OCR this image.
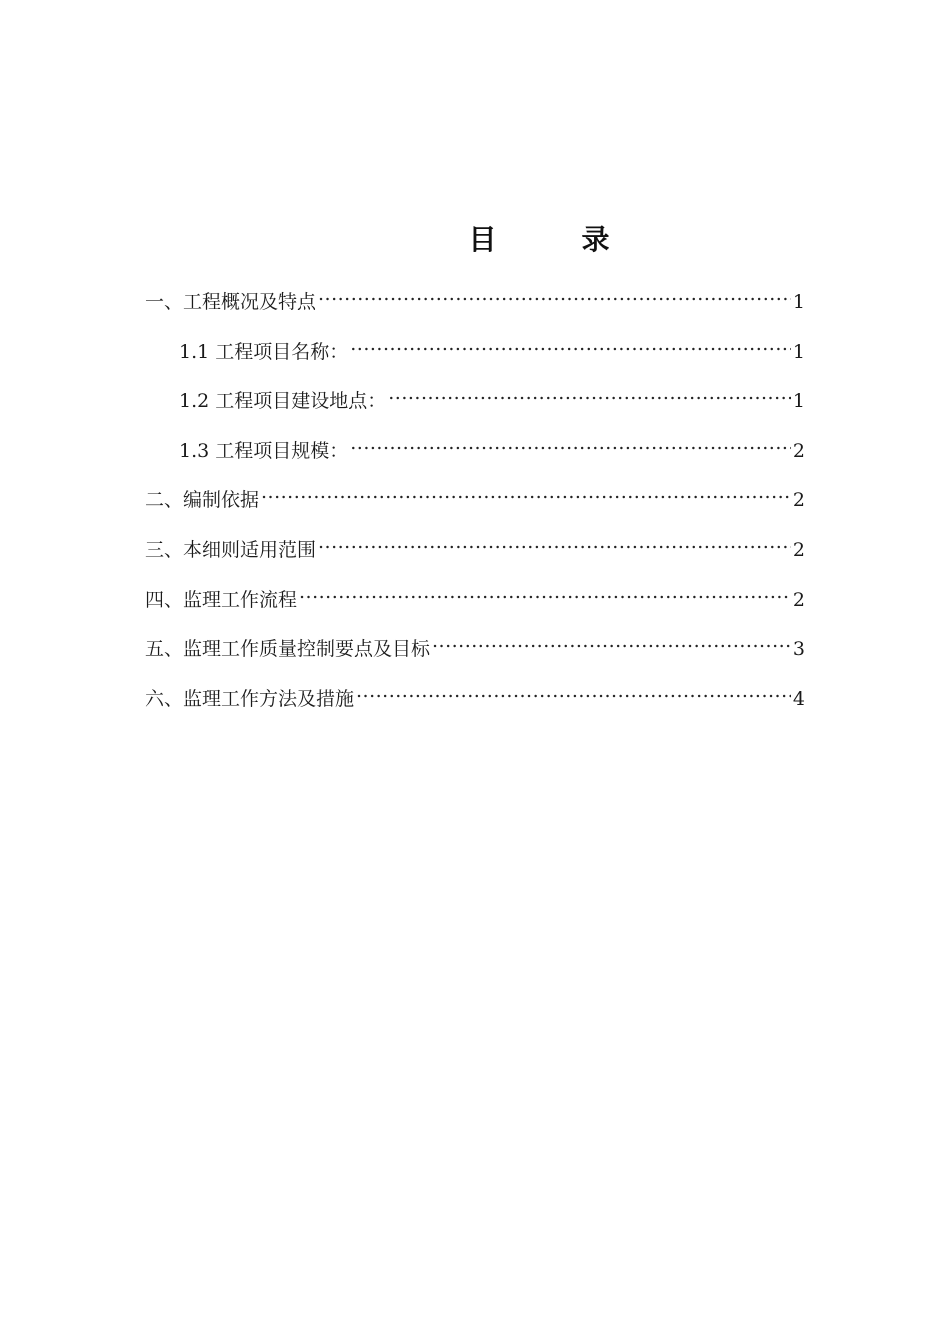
目	录
一、工程概况及特点 .....	1
1.1 工程项目名称： .....	1
1.2 工程项目建设地点： .....	1
1.3 工程项目规模： .....	2
二、编制依据 .....	2
三、本细则适用范围 .....	2
四、监理工作流程 .....	2
五、监理工作质量控制要点及目标 .....	3
六、监理工作方法及措施 .....	4
